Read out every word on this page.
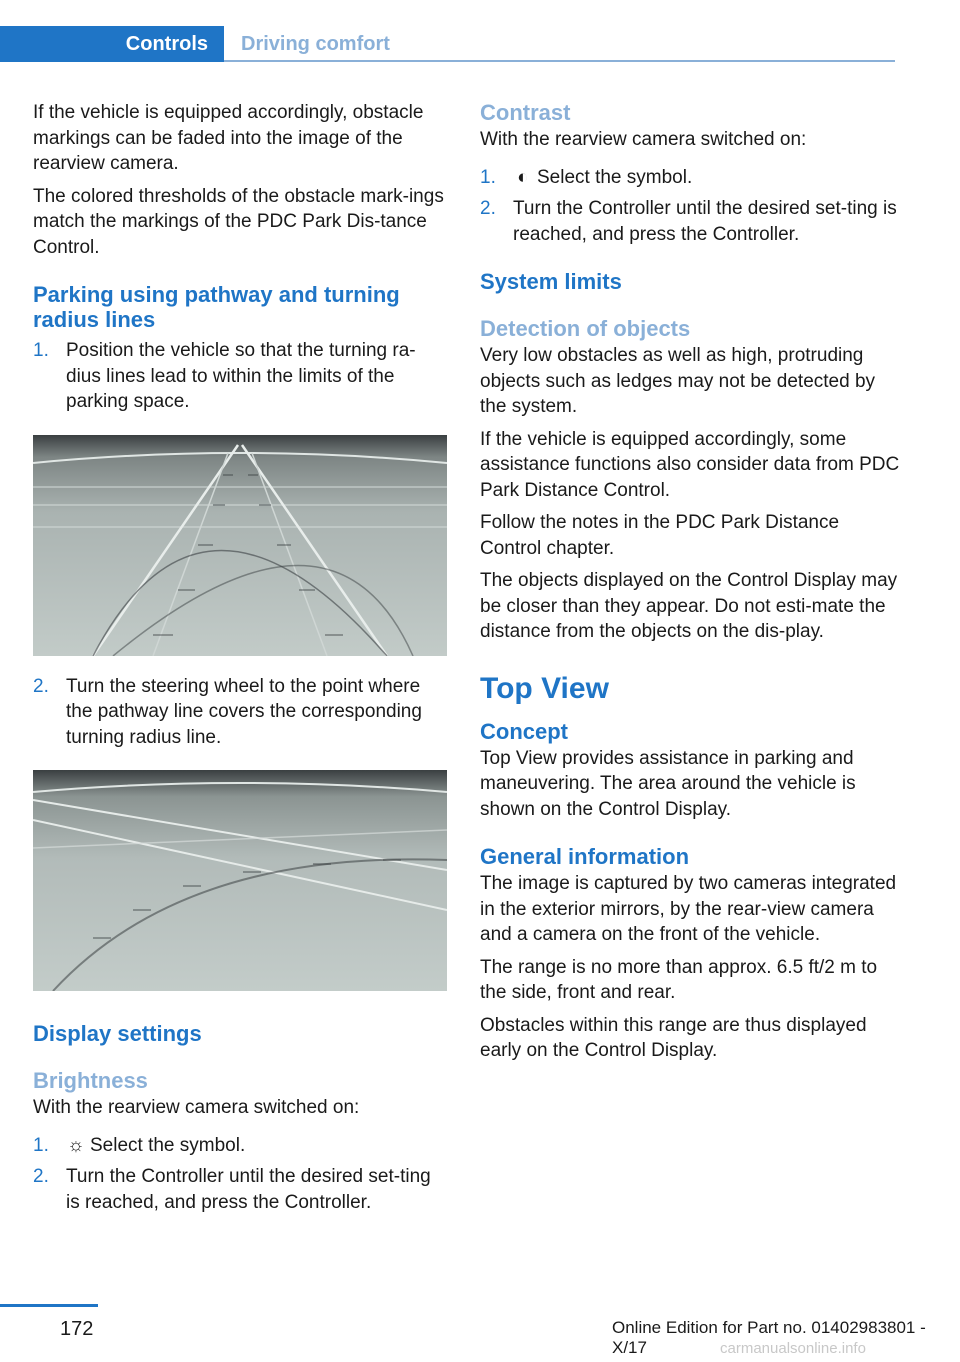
Controls	Driving comfort

If the vehicle is equipped accordingly, obstacle markings can be faded into the image of the rearview camera.

The colored thresholds of the obstacle mark-ings match the markings of the PDC Park Dis-tance Control.

Parking using pathway and turning radius lines
1. Position the vehicle so that the turning ra-dius lines lead to within the limits of the parking space.
2. Turn the steering wheel to the point where the pathway line covers the corresponding turning radius line.
Display settings
Brightness

With the rearview camera switched on:

1. ☼ Select the symbol.
2. Turn the Controller until the desired set-ting is reached, and press the Controller.
Contrast

With the rearview camera switched on:

1. ◐ Select the symbol.
2. Turn the Controller until the desired set-ting is reached, and press the Controller.
System limits
Detection of objects

Very low obstacles as well as high, protruding objects such as ledges may not be detected by the system.

If the vehicle is equipped accordingly, some assistance functions also consider data from PDC Park Distance Control.

Follow the notes in the PDC Park Distance Control chapter.

The objects displayed on the Control Display may be closer than they appear. Do not esti-mate the distance from the objects on the dis-play.

Top View
Concept

Top View provides assistance in parking and maneuvering. The area around the vehicle is shown on the Control Display.

General information

The image is captured by two cameras integrated in the exterior mirrors, by the rear-view camera and a camera on the front of the vehicle.

The range is no more than approx. 6.5 ft/2 m to the side, front and rear.

Obstacles within this range are thus displayed early on the Control Display.

172	Online Edition for Part no. 01402983801 - X/17	carmanualsonline.info
